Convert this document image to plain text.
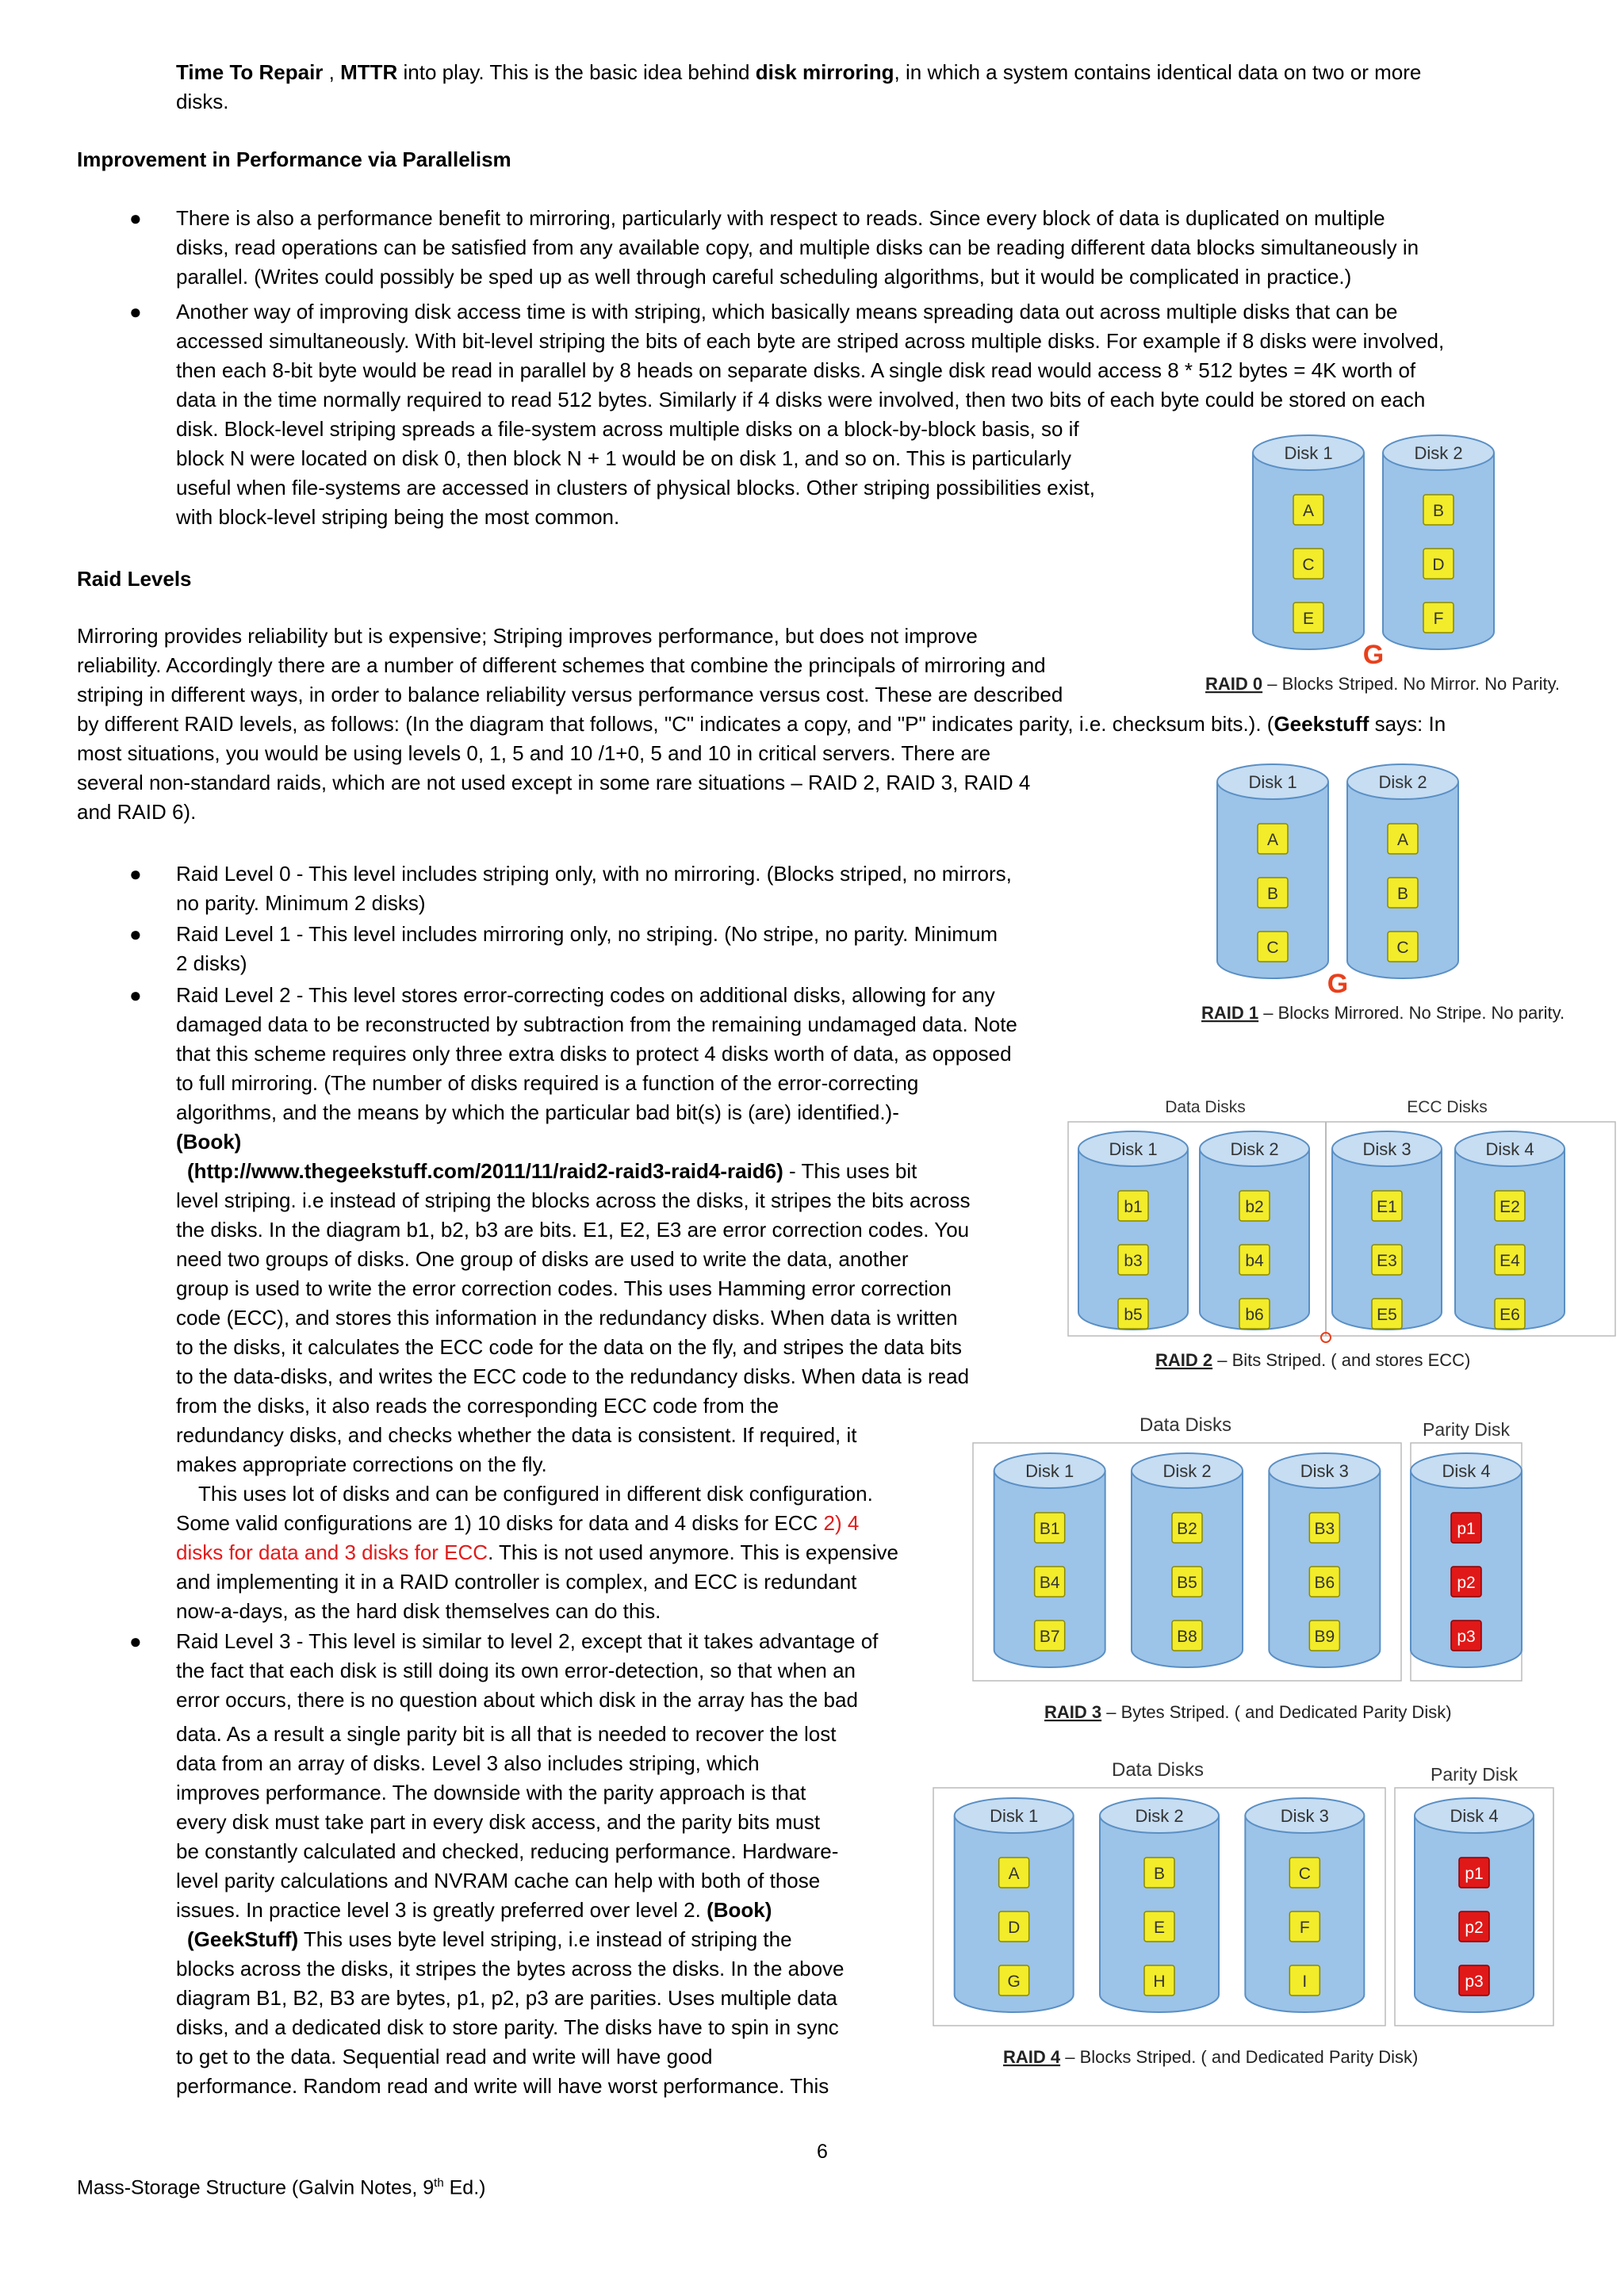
Time To Repair , MTTR into play. This is the basic idea behind disk mirroring, in which a system contains identical data on two or more

disks.

Improvement in Performance via Parallelism

● There is also a performance benefit to mirroring, particularly with respect to reads. Since every block of data is duplicated on multiple

disks, read operations can be satisfied from any available copy, and multiple disks can be reading different data blocks simultaneously in

parallel. (Writes could possibly be sped up as well through careful scheduling algorithms, but it would be complicated in practice.)

● Another way of improving disk access time is with striping, which basically means spreading data out across multiple disks that can be

accessed simultaneously. With bit-level striping the bits of each byte are striped across multiple disks. For example if 8 disks were involved,

then each 8-bit byte would be read in parallel by 8 heads on separate disks. A single disk read would access 8 * 512 bytes = 4K worth of

data in the time normally required to read 512 bytes. Similarly if 4 disks were involved, then two bits of each byte could be stored on each

disk. Block-level striping spreads a file-system across multiple disks on a block-by-block basis, so if

block N were located on disk 0, then block N + 1 would be on disk 1, and so on. This is particularly

useful when file-systems are accessed in clusters of physical blocks. Other striping possibilities exist,

with block-level striping being the most common.

Raid Levels

Mirroring provides reliability but is expensive; Striping improves performance, but does not improve

reliability. Accordingly there are a number of different schemes that combine the principals of mirroring and

striping in different ways, in order to balance reliability versus performance versus cost. These are described

by different RAID levels, as follows: (In the diagram that follows, "C" indicates a copy, and "P" indicates parity, i.e. checksum bits.). (Geekstuff says: In

most situations, you would be using levels 0, 1, 5 and 10 /1+0, 5 and 10 in critical servers. There are

several non-standard raids, which are not used except in some rare situations – RAID 2, RAID 3, RAID 4

and RAID 6).

● Raid Level 0 - This level includes striping only, with no mirroring. (Blocks striped, no mirrors,

no parity. Minimum 2 disks)

● Raid Level 1 - This level includes mirroring only, no striping. (No stripe, no parity. Minimum

2 disks)

● Raid Level 2 - This level stores error-correcting codes on additional disks, allowing for any

damaged data to be reconstructed by subtraction from the remaining undamaged data. Note

that this scheme requires only three extra disks to protect 4 disks worth of data, as opposed

to full mirroring. (The number of disks required is a function of the error-correcting

algorithms, and the means by which the particular bad bit(s) is (are) identified.)-

(Book)

(http://www.thegeekstuff.com/2011/11/raid2-raid3-raid4-raid6) - This uses bit

level striping. i.e instead of striping the blocks across the disks, it stripes the bits across

the disks. In the diagram b1, b2, b3 are bits. E1, E2, E3 are error correction codes. You

need two groups of disks. One group of disks are used to write the data, another

group is used to write the error correction codes. This uses Hamming error correction

code (ECC), and stores this information in the redundancy disks. When data is written

to the disks, it calculates the ECC code for the data on the fly, and stripes the data bits

to the data-disks, and writes the ECC code to the redundancy disks. When data is read

from the disks, it also reads the corresponding ECC code from the

redundancy disks, and checks whether the data is consistent. If required, it

makes appropriate corrections on the fly.

This uses lot of disks and can be configured in different disk configuration.

Some valid configurations are 1) 10 disks for data and 4 disks for ECC 2) 4

disks for data and 3 disks for ECC. This is not used anymore. This is expensive

and implementing it in a RAID controller is complex, and ECC is redundant

now-a-days, as the hard disk themselves can do this.

● Raid Level 3 - This level is similar to level 2, except that it takes advantage of

the fact that each disk is still doing its own error-detection, so that when an

error occurs, there is no question about which disk in the array has the bad

data. As a result a single parity bit is all that is needed to recover the lost

data from an array of disks. Level 3 also includes striping, which

improves performance. The downside with the parity approach is that

every disk must take part in every disk access, and the parity bits must

be constantly calculated and checked, reducing performance. Hardware-

level parity calculations and NVRAM cache can help with both of those

issues. In practice level 3 is greatly preferred over level 2. (Book)

(GeekStuff) This uses byte level striping, i.e instead of striping the

blocks across the disks, it stripes the bytes across the disks. In the above

diagram B1, B2, B3 are bytes, p1, p2, p3 are parities. Uses multiple data

disks, and a dedicated disk to store parity. The disks have to spin in sync

to get to the data. Sequential read and write will have good

performance. Random read and write will have worst performance. This

Disk 1
A
C
E
Disk 2
B
D
F
G
RAID 0 – Blocks Striped. No Mirror. No Parity.
Disk 1
A
B
C
Disk 2
A
B
C
G
RAID 1 – Blocks Mirrored. No Stripe. No parity.
Data Disks	ECC Disks
Disk 1
b1
b3
b5
Disk 2
b2
b4
b6
Disk 3
E1
E3
E5
Disk 4
E2
E4
E6
RAID 2 – Bits Striped. ( and stores ECC)
Data Disks	Parity Disk
Disk 1
B1
B4
B7
Disk 2
B2
B5
B8
Disk 3
B3
B6
B9
Disk 4
p1
p2
p3
RAID 3 – Bytes Striped. ( and Dedicated Parity Disk)
Data Disks	Parity Disk
Disk 1
A
D
G
Disk 2
B
E
H
Disk 3
C
F
I
Disk 4
p1
p2
p3
RAID 4 – Blocks Striped. ( and Dedicated Parity Disk)

6

Mass-Storage Structure (Galvin Notes, 9th Ed.)
